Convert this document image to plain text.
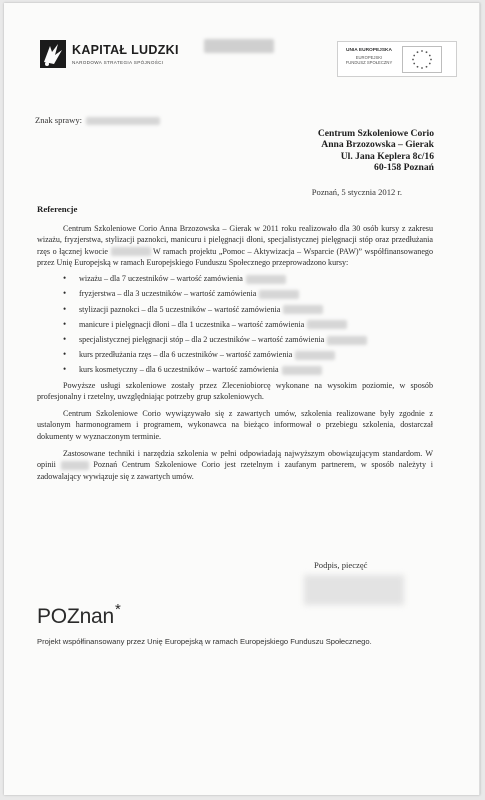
KAPITAŁ LUDZKI
NARODOWA STRATEGIA SPÓJNOŚCI
UNIA EUROPEJSKA
EUROPEJSKI
FUNDUSZ SPOŁECZNY
Znak sprawy:
Centrum Szkoleniowe Corio
Anna Brzozowska – Gierak
Ul. Jana Keplera 8c/16
60-158 Poznań
Poznań, 5 stycznia 2012 r.
Referencje

Centrum Szkoleniowe Corio Anna Brzozowska – Gierak w 2011 roku realizowało dla 30 osób kursy z zakresu wizażu, fryzjerstwa, stylizacji paznokci, manicuru i pielęgnacji dłoni, specjalistycznej pielęgnacji stóp oraz przedłużania rzęs o łącznej kwocie	W ramach projektu „Pomoc – Aktywizacja – Wsparcie (PAW)” współfinansowanego przez Unię Europejską w ramach Europejskiego Funduszu Społecznego przeprowadzono kursy:

• wizażu – dla 7 uczestników – wartość zamówienia
• fryzjerstwa – dla 3 uczestników – wartość zamówienia
• stylizacji paznokci – dla 5 uczestników – wartość zamówienia
• manicure i pielęgnacji dłoni – dla 1 uczestnika – wartość zamówienia
• specjalistycznej pielęgnacji stóp – dla 2 uczestników – wartość zamówienia
• kurs przedłużania rzęs – dla 6 uczestników – wartość zamówienia
• kurs kosmetyczny – dla 6 uczestników – wartość zamówienia

Powyższe usługi szkoleniowe zostały przez Zleceniobiorcę wykonane na wysokim poziomie, w sposób profesjonalny i rzetelny, uwzględniając potrzeby grup szkoleniowych.

Centrum Szkoleniowe Corio wywiązywało się z zawartych umów, szkolenia realizowane były zgodnie z ustalonym harmonogramem i programem, wykonawca na bieżąco informował o przebiegu szkolenia, dostarczał dokumenty w wyznaczonym terminie.

Zastosowane techniki i narzędzia szkolenia w pełni odpowiadają najwyższym obowiązującym standardom. W opinii	Poznań Centrum Szkoleniowe Corio jest rzetelnym i zaufanym partnerem, w sposób należyty i zadowalający wywiązuje się z zawartych umów.

Podpis, pieczęć
POZnan*
Projekt współfinansowany przez Unię Europejską w ramach Europejskiego Funduszu Społecznego.
